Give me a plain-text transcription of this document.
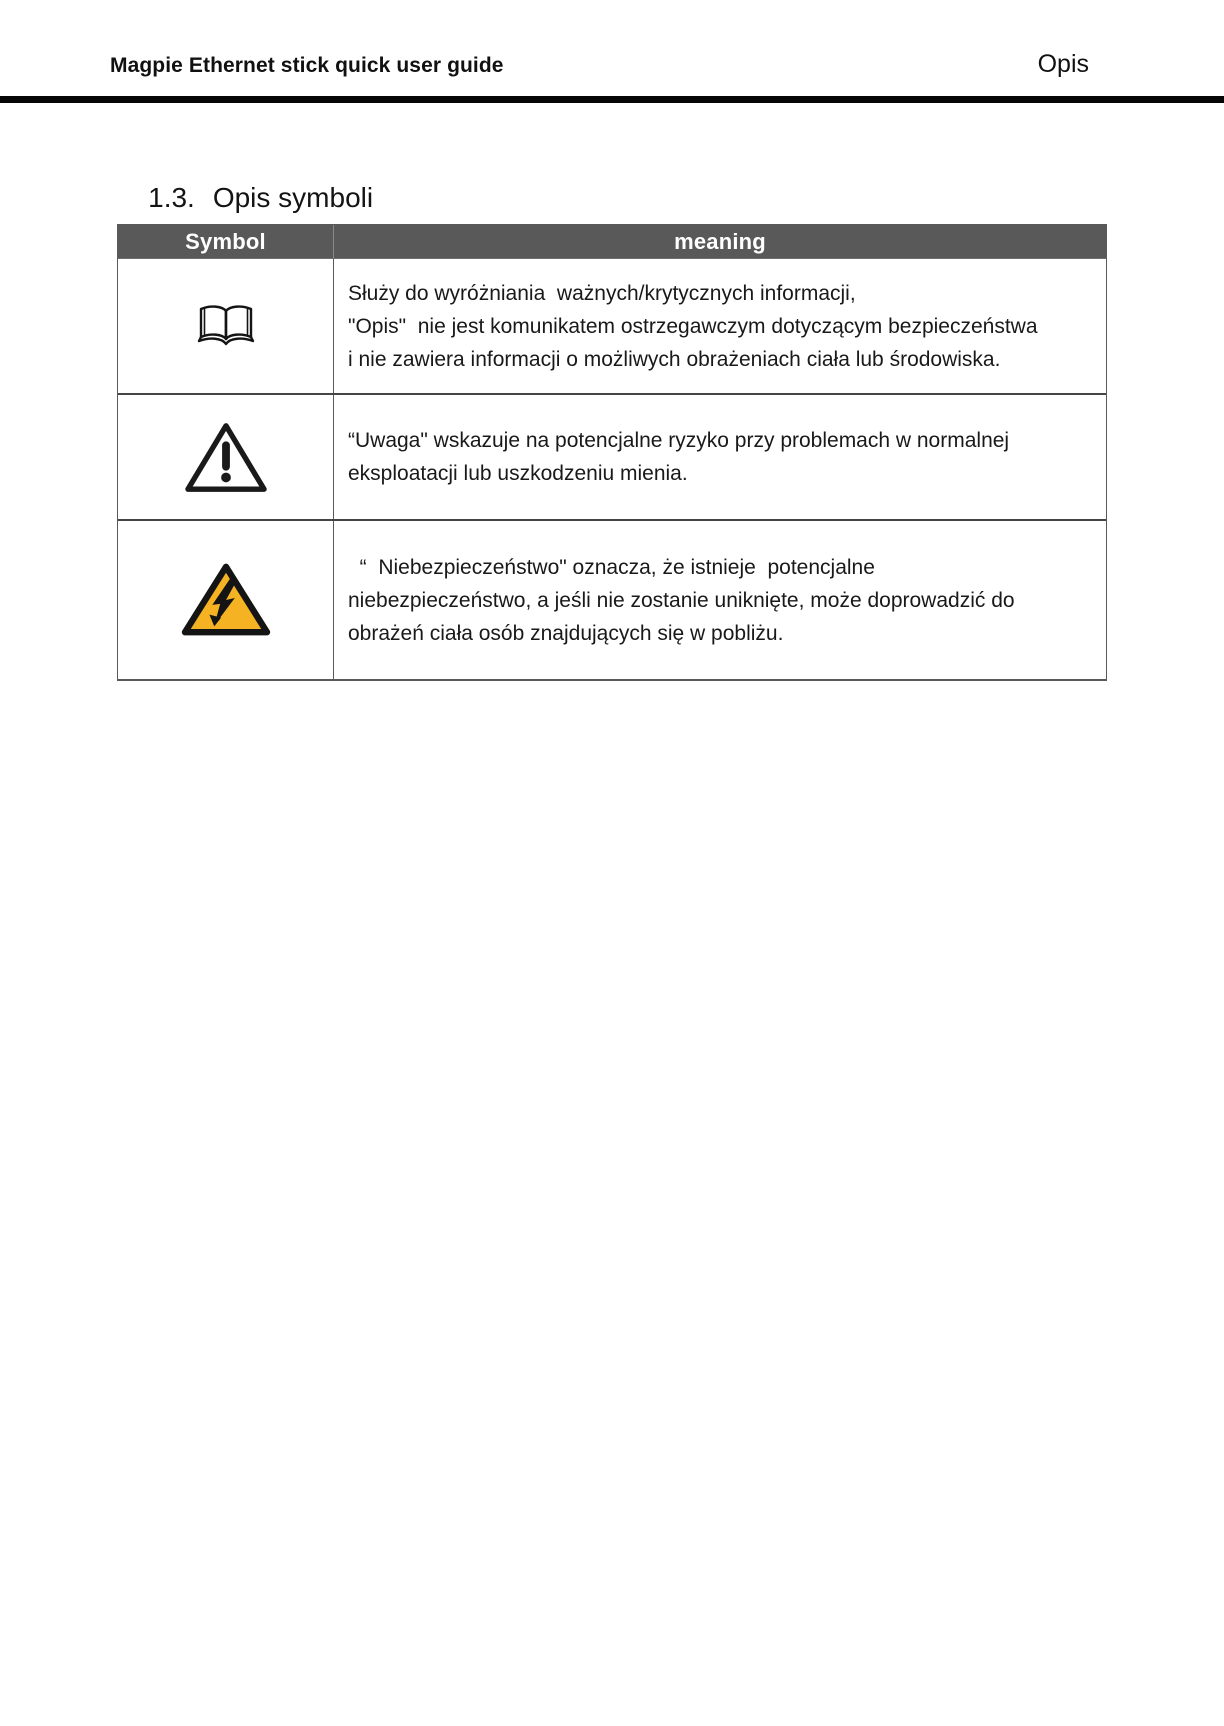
Magpie Ethernet stick quick user guide	Opis

1.3. Opis symboli

Symbol	meaning
Służy do wyróżniania  ważnych/krytycznych informacji,
"Opis"  nie jest komunikatem ostrzegawczym dotyczącym bezpieczeństwa
i nie zawiera informacji o możliwych obrażeniach ciała lub środowiska.
“Uwaga" wskazuje na potencjalne ryzyko przy problemach w normalnej
eksploatacji lub uszkodzeniu mienia.
“  Niebezpieczeństwo" oznacza, że istnieje  potencjalne
niebezpieczeństwo, a jeśli nie zostanie uniknięte, może doprowadzić do
obrażeń ciała osób znajdujących się w pobliżu.
